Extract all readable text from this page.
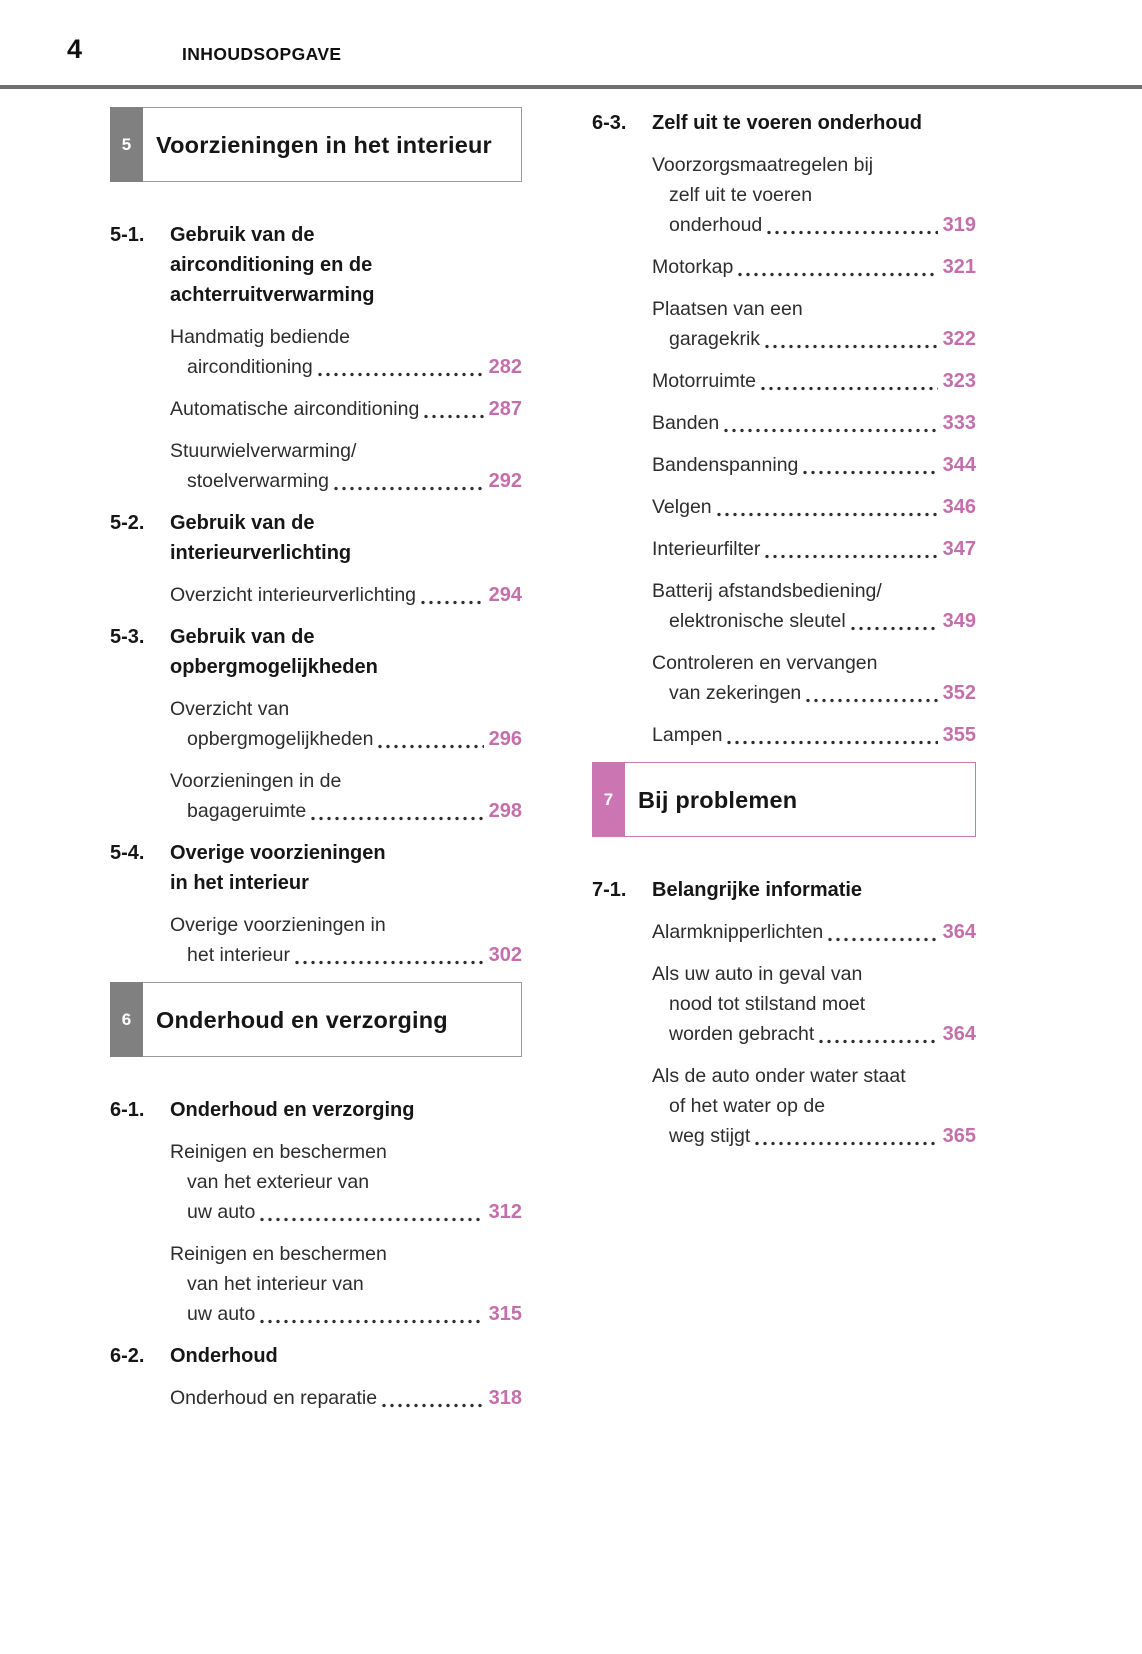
4	INHOUDSOPGAVE
5	Voorzieningen in het interieur
5-1.	Gebruik van de
airconditioning en de
achterruitverwarming
Handmatig bediende
airconditioning	282
Automatische airconditioning	287
Stuurwielverwarming/
stoelverwarming	292
5-2.	Gebruik van de
interieurverlichting
Overzicht interieurverlichting	294
5-3.	Gebruik van de
opbergmogelijkheden
Overzicht van
opbergmogelijkheden	296
Voorzieningen in de
bagageruimte	298
5-4.	Overige voorzieningen
in het interieur
Overige voorzieningen in
het interieur	302
6	Onderhoud en verzorging
6-1.	Onderhoud en verzorging
Reinigen en beschermen
van het exterieur van
uw auto	312
Reinigen en beschermen
van het interieur van
uw auto	315
6-2.	Onderhoud
Onderhoud en reparatie	318
6-3.	Zelf uit te voeren onderhoud
Voorzorgsmaatregelen bij
zelf uit te voeren
onderhoud	319
Motorkap	321
Plaatsen van een
garagekrik	322
Motorruimte	323
Banden	333
Bandenspanning	344
Velgen	346
Interieurfilter	347
Batterij afstandsbediening/
elektronische sleutel	349
Controleren en vervangen
van zekeringen	352
Lampen	355
7	Bij problemen
7-1.	Belangrijke informatie
Alarmknipperlichten	364
Als uw auto in geval van
nood tot stilstand moet
worden gebracht	364
Als de auto onder water staat
of het water op de
weg stijgt	365
